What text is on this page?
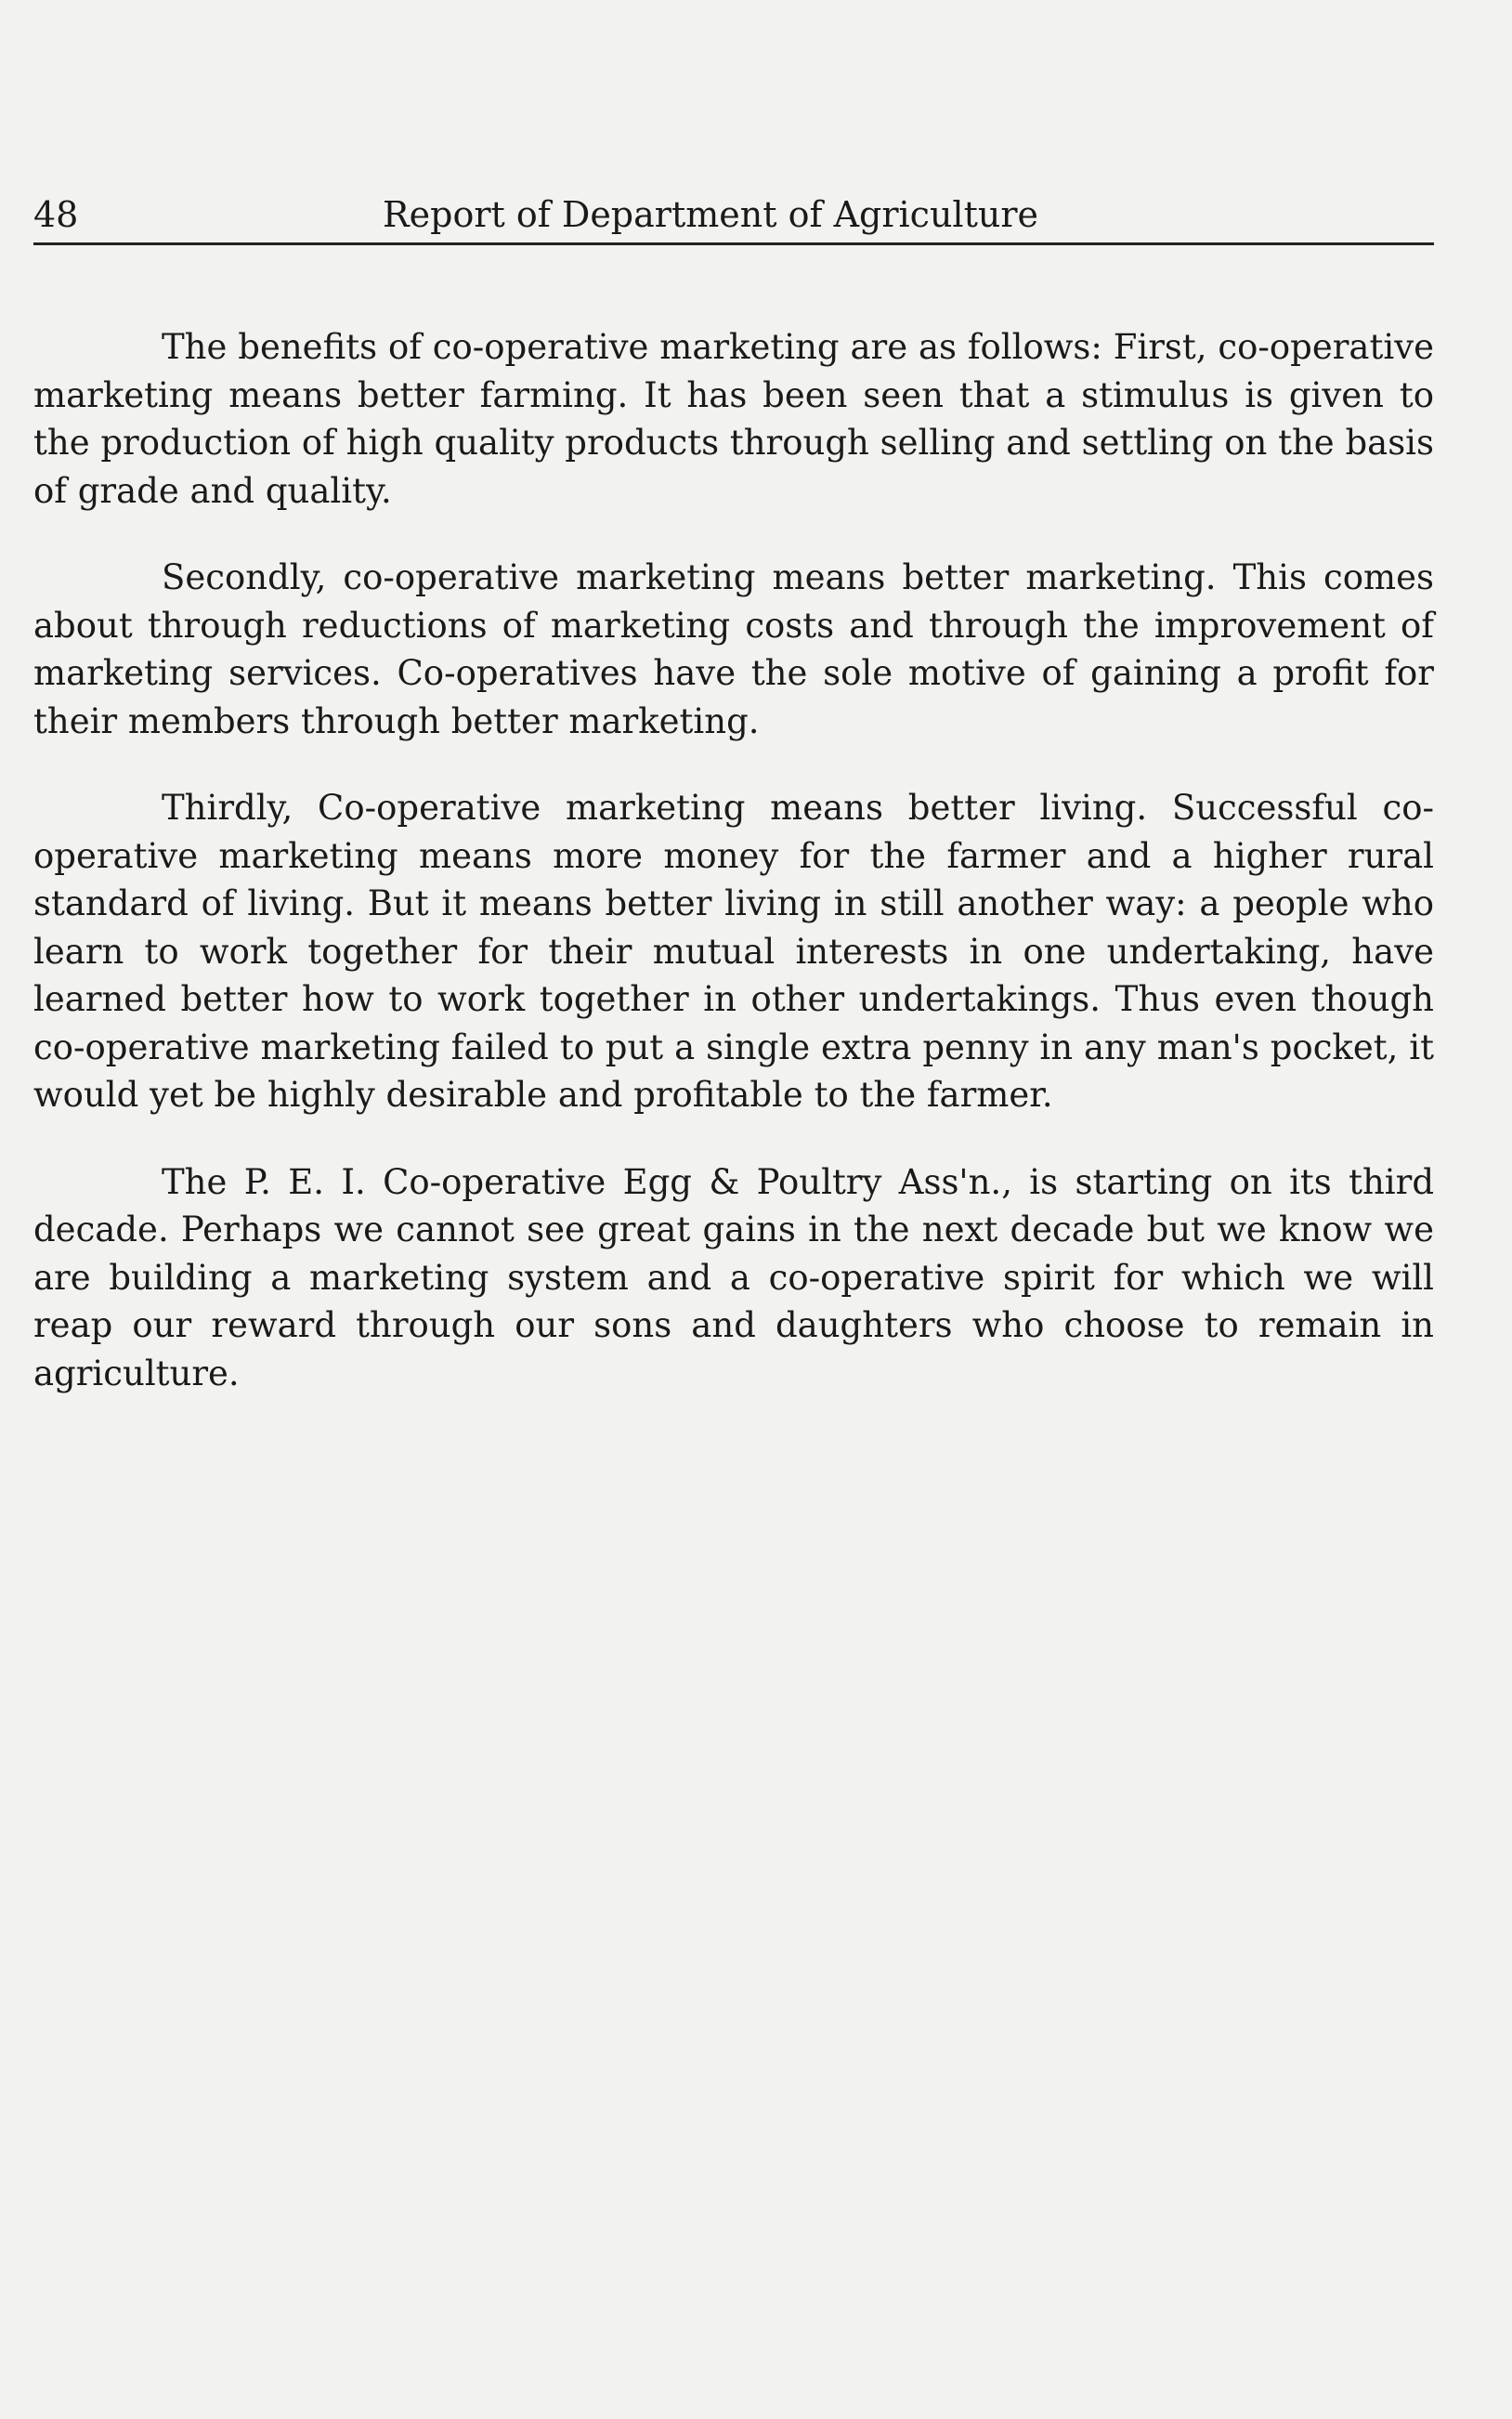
48	Report of Department of Agriculture

The benefits of co-operative marketing are as follows: First, co-operative marketing means better farming. It has been seen that a stimulus is given to the production of high quality products through selling and settling on the basis of grade and quality.

Secondly, co-operative marketing means better marketing. This comes about through reductions of marketing costs and through the improvement of marketing services. Co-operatives have the sole motive of gaining a profit for their members through better marketing.

Thirdly, Co-operative marketing means better living. Successful co-operative marketing means more money for the farmer and a higher rural standard of living. But it means better living in still another way: a people who learn to work together for their mutual interests in one undertaking, have learned better how to work together in other undertakings. Thus even though co-operative marketing failed to put a single extra penny in any man's pocket, it would yet be highly desirable and profitable to the farmer.

The P. E. I. Co-operative Egg & Poultry Ass'n., is starting on its third decade. Perhaps we cannot see great gains in the next decade but we know we are building a marketing system and a co-operative spirit for which we will reap our reward through our sons and daughters who choose to remain in agriculture.
